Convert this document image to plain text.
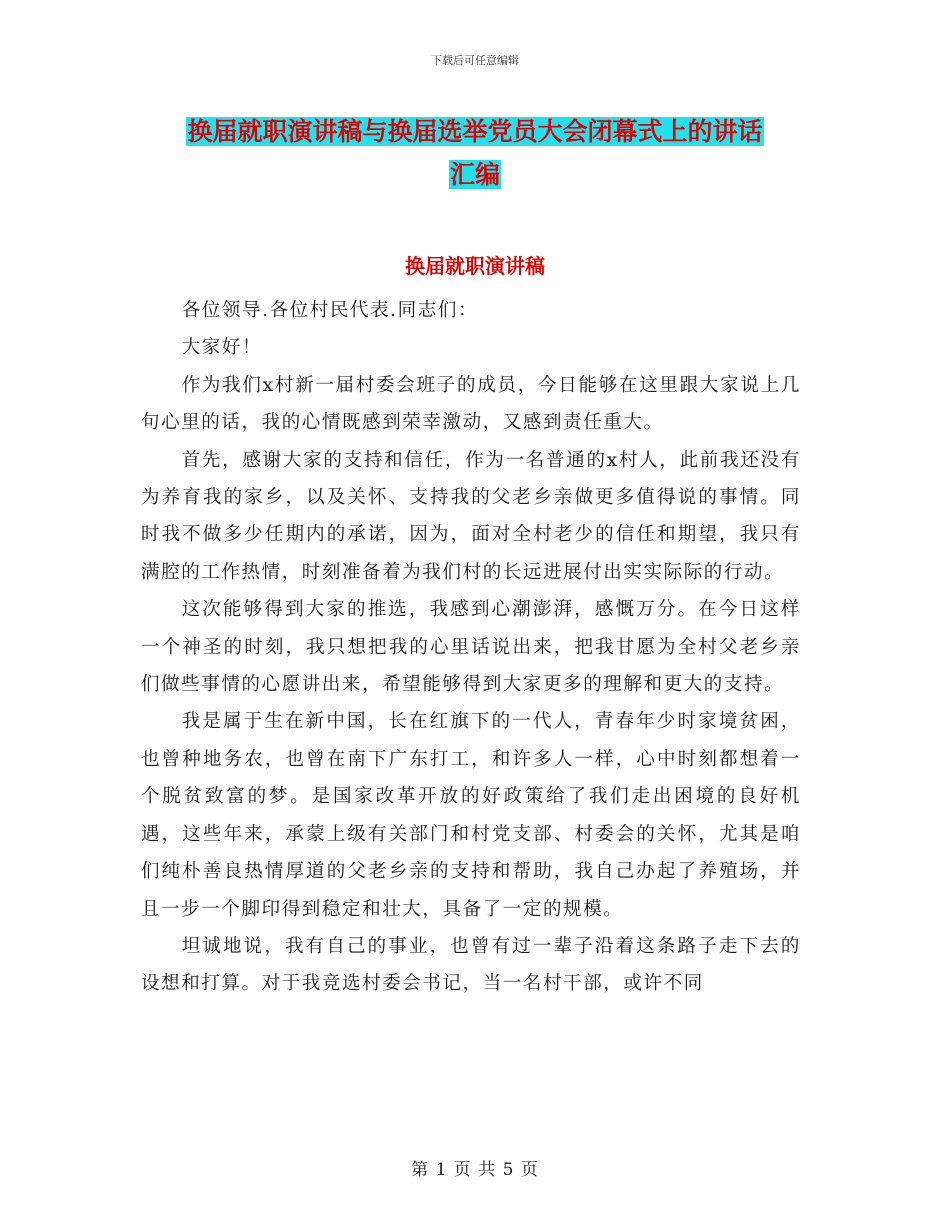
下载后可任意编辑
换届就职演讲稿与换届选举党员大会闭幕式上的讲话
汇编
换届就职演讲稿

各位领导.各位村民代表.同志们：

大家好！

作为我们x村新一届村委会班子的成员，今日能够在这里跟大家说上几句心里的话，我的心情既感到荣幸激动，又感到责任重大。

首先，感谢大家的支持和信任，作为一名普通的x村人，此前我还没有为养育我的家乡，以及关怀、支持我的父老乡亲做更多值得说的事情。同时我不做多少任期内的承诺，因为，面对全村老少的信任和期望，我只有满腔的工作热情，时刻准备着为我们村的长远进展付出实实际际的行动。

这次能够得到大家的推选，我感到心潮澎湃，感慨万分。在今日这样一个神圣的时刻，我只想把我的心里话说出来，把我甘愿为全村父老乡亲们做些事情的心愿讲出来，希望能够得到大家更多的理解和更大的支持。

我是属于生在新中国，长在红旗下的一代人，青春年少时家境贫困，也曾种地务农，也曾在南下广东打工，和许多人一样，心中时刻都想着一个脱贫致富的梦。是国家改革开放的好政策给了我们走出困境的良好机遇，这些年来，承蒙上级有关部门和村党支部、村委会的关怀，尤其是咱们纯朴善良热情厚道的父老乡亲的支持和帮助，我自己办起了养殖场，并且一步一个脚印得到稳定和壮大，具备了一定的规模。

坦诚地说，我有自己的事业，也曾有过一辈子沿着这条路子走下去的设想和打算。对于我竞选村委会书记，当一名村干部，或许不同

第 1 页 共 5 页
